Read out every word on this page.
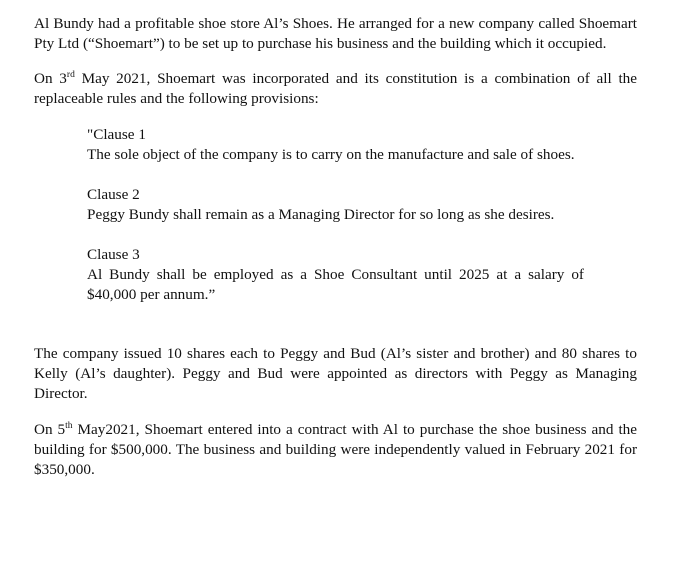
Al Bundy had a profitable shoe store Al’s Shoes. He arranged for a new company called Shoemart Pty Ltd (“Shoemart”) to be set up to purchase his business and the building which it occupied.

On 3rd May 2021, Shoemart was incorporated and its constitution is a combination of all the replaceable rules and the following provisions:

"Clause 1
The sole object of the company is to carry on the manufacture and sale of shoes.
Clause 2
Peggy Bundy shall remain as a Managing Director for so long as she desires.
Clause 3
Al Bundy shall be employed as a Shoe Consultant until 2025 at a salary of $40,000 per annum.”

The company issued 10 shares each to Peggy and Bud (Al’s sister and brother) and 80 shares to Kelly (Al’s daughter). Peggy and Bud were appointed as directors with Peggy as Managing Director.

On 5th May2021, Shoemart entered into a contract with Al to purchase the shoe business and the building for $500,000. The business and building were independently valued in February 2021 for $350,000.
